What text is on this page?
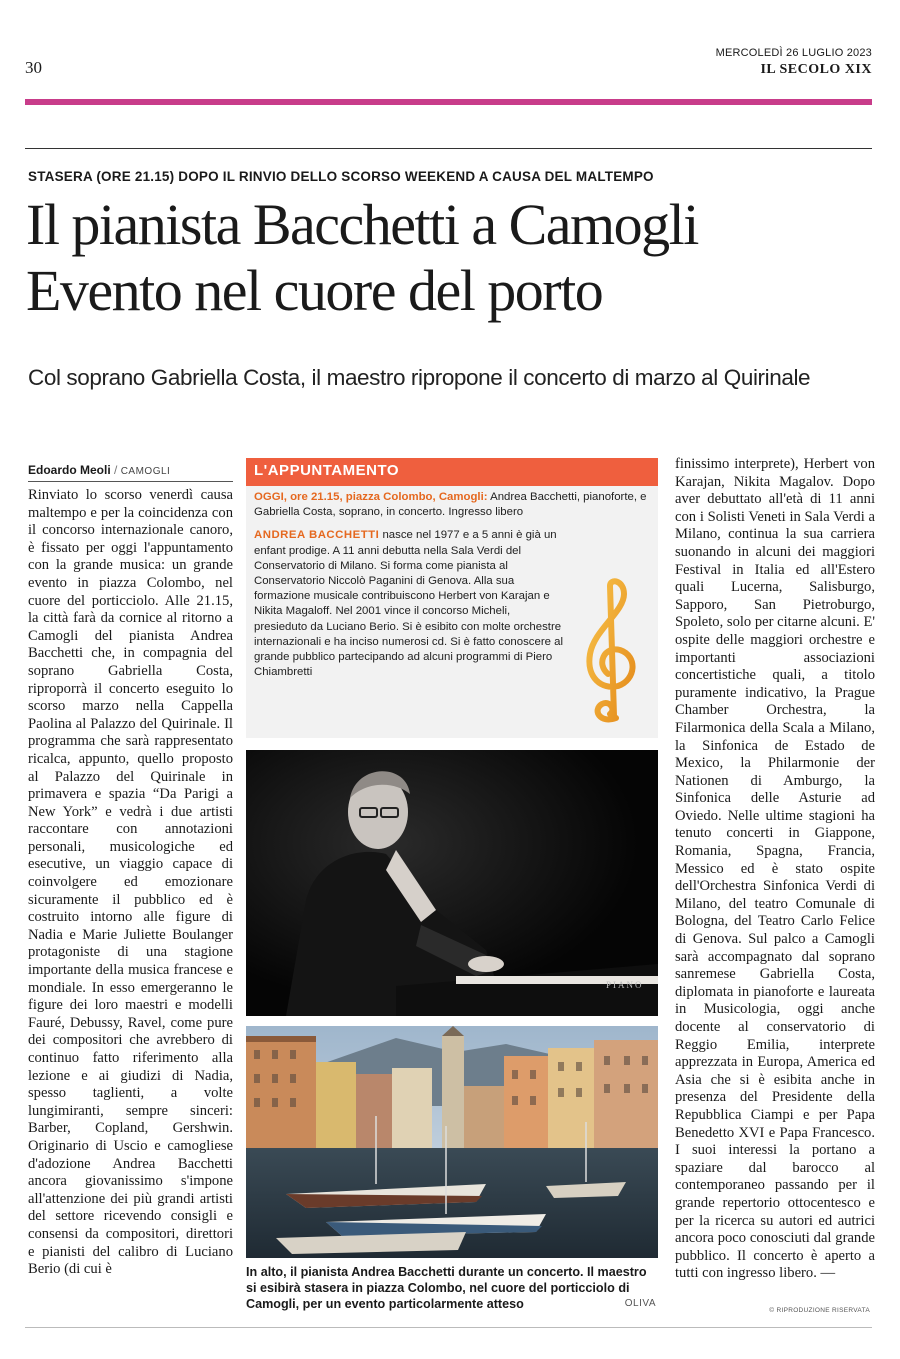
30
MERCOLEDÌ 26 LUGLIO 2023
IL SECOLO XIX
STASERA (ORE 21.15) DOPO IL RINVIO DELLO SCORSO WEEKEND A CAUSA DEL MALTEMPO
Il pianista Bacchetti a Camogli
Evento nel cuore del porto
Col soprano Gabriella Costa, il maestro ripropone il concerto di marzo al Quirinale
Edoardo Meoli / CAMOGLI
Rinviato lo scorso venerdì causa maltempo e per la coincidenza con il concorso internazionale canoro, è fissato per oggi l'appuntamento con la grande musica: un grande evento in piazza Colombo, nel cuore del porticciolo. Alle 21.15, la città farà da cornice al ritorno a Camogli del pianista Andrea Bacchetti che, in compagnia del soprano Gabriella Costa, riproporrà il concerto eseguito lo scorso marzo nella Cappella Paolina al Palazzo del Quirinale. Il programma che sarà rappresentato ricalca, appunto, quello proposto al Palazzo del Quirinale in primavera e spazia “Da Parigi a New York” e vedrà i due artisti raccontare con annotazioni personali, musicologiche ed esecutive, un viaggio capace di coinvolgere ed emozionare sicuramente il pubblico ed è costruito intorno alle figure di Nadia e Marie Juliette Boulanger protagoniste di una stagione importante della musica francese e mondiale. In esso emergeranno le figure dei loro maestri e modelli Fauré, Debussy, Ravel, come pure dei compositori che avrebbero di continuo fatto riferimento alla lezione e ai giudizi di Nadia, spesso taglienti, a volte lungimiranti, sempre sinceri: Barber, Copland, Gershwin. Originario di Uscio e camogliese d'adozione Andrea Bacchetti ancora giovanissimo s'impone all'attenzione dei più grandi artisti del settore ricevendo consigli e consensi da compositori, direttori e pianisti del calibro di Luciano Berio (di cui è
L'APPUNTAMENTO

OGGI, ore 21.15, piazza Colombo, Camogli: Andrea Bacchetti, pianoforte, e Gabriella Costa, soprano, in concerto. Ingresso libero

ANDREA BACCHETTI nasce nel 1977 e a 5 anni è già un enfant prodige. A 11 anni debutta nella Sala Verdi del Conservatorio di Milano. Si forma come pianista al Conservatorio Niccolò Paganini di Genova. Alla sua formazione musicale contribuiscono Herbert von Karajan e Nikita Magaloff. Nel 2001 vince il concorso Micheli, presieduto da Luciano Berio. Si è esibito con molte orchestre internazionali e ha inciso numerosi cd. Si è fatto conoscere al grande pubblico partecipando ad alcuni programmi di Piero Chiambretti

PIANO
In alto, il pianista Andrea Bacchetti durante un concerto. Il maestro si esibirà stasera in piazza Colombo, nel cuore del porticciolo di Camogli, per un evento particolarmente atteso	OLIVA
finissimo interprete), Herbert von Karajan, Nikita Magalov. Dopo aver debuttato all'età di 11 anni con i Solisti Veneti in Sala Verdi a Milano, continua la sua carriera suonando in alcuni dei maggiori Festival in Italia ed all'Estero quali Lucerna, Salisburgo, Sapporo, San Pietroburgo, Spoleto, solo per citarne alcuni. E' ospite delle maggiori orchestre e importanti associazioni concertistiche quali, a titolo puramente indicativo, la Prague Chamber Orchestra, la Filarmonica della Scala a Milano, la Sinfonica de Estado de Mexico, la Philarmonie der Nationen di Amburgo, la Sinfonica delle Asturie ad Oviedo. Nelle ultime stagioni ha tenuto concerti in Giappone, Romania, Spagna, Francia, Messico ed è stato ospite dell'Orchestra Sinfonica Verdi di Milano, del teatro Comunale di Bologna, del Teatro Carlo Felice di Genova. Sul palco a Camogli sarà accompagnato dal soprano sanremese Gabriella Costa, diplomata in pianoforte e laureata in Musicologia, oggi anche docente al conservatorio di Reggio Emilia, interprete apprezzata in Europa, America ed Asia che si è esibita anche in presenza del Presidente della Repubblica Ciampi e per Papa Benedetto XVI e Papa Francesco. I suoi interessi la portano a spaziare dal barocco al contemporaneo passando per il grande repertorio ottocentesco e per la ricerca su autori ed autrici ancora poco conosciuti dal grande pubblico. Il concerto è aperto a tutti con ingresso libero. —
© RIPRODUZIONE RISERVATA
